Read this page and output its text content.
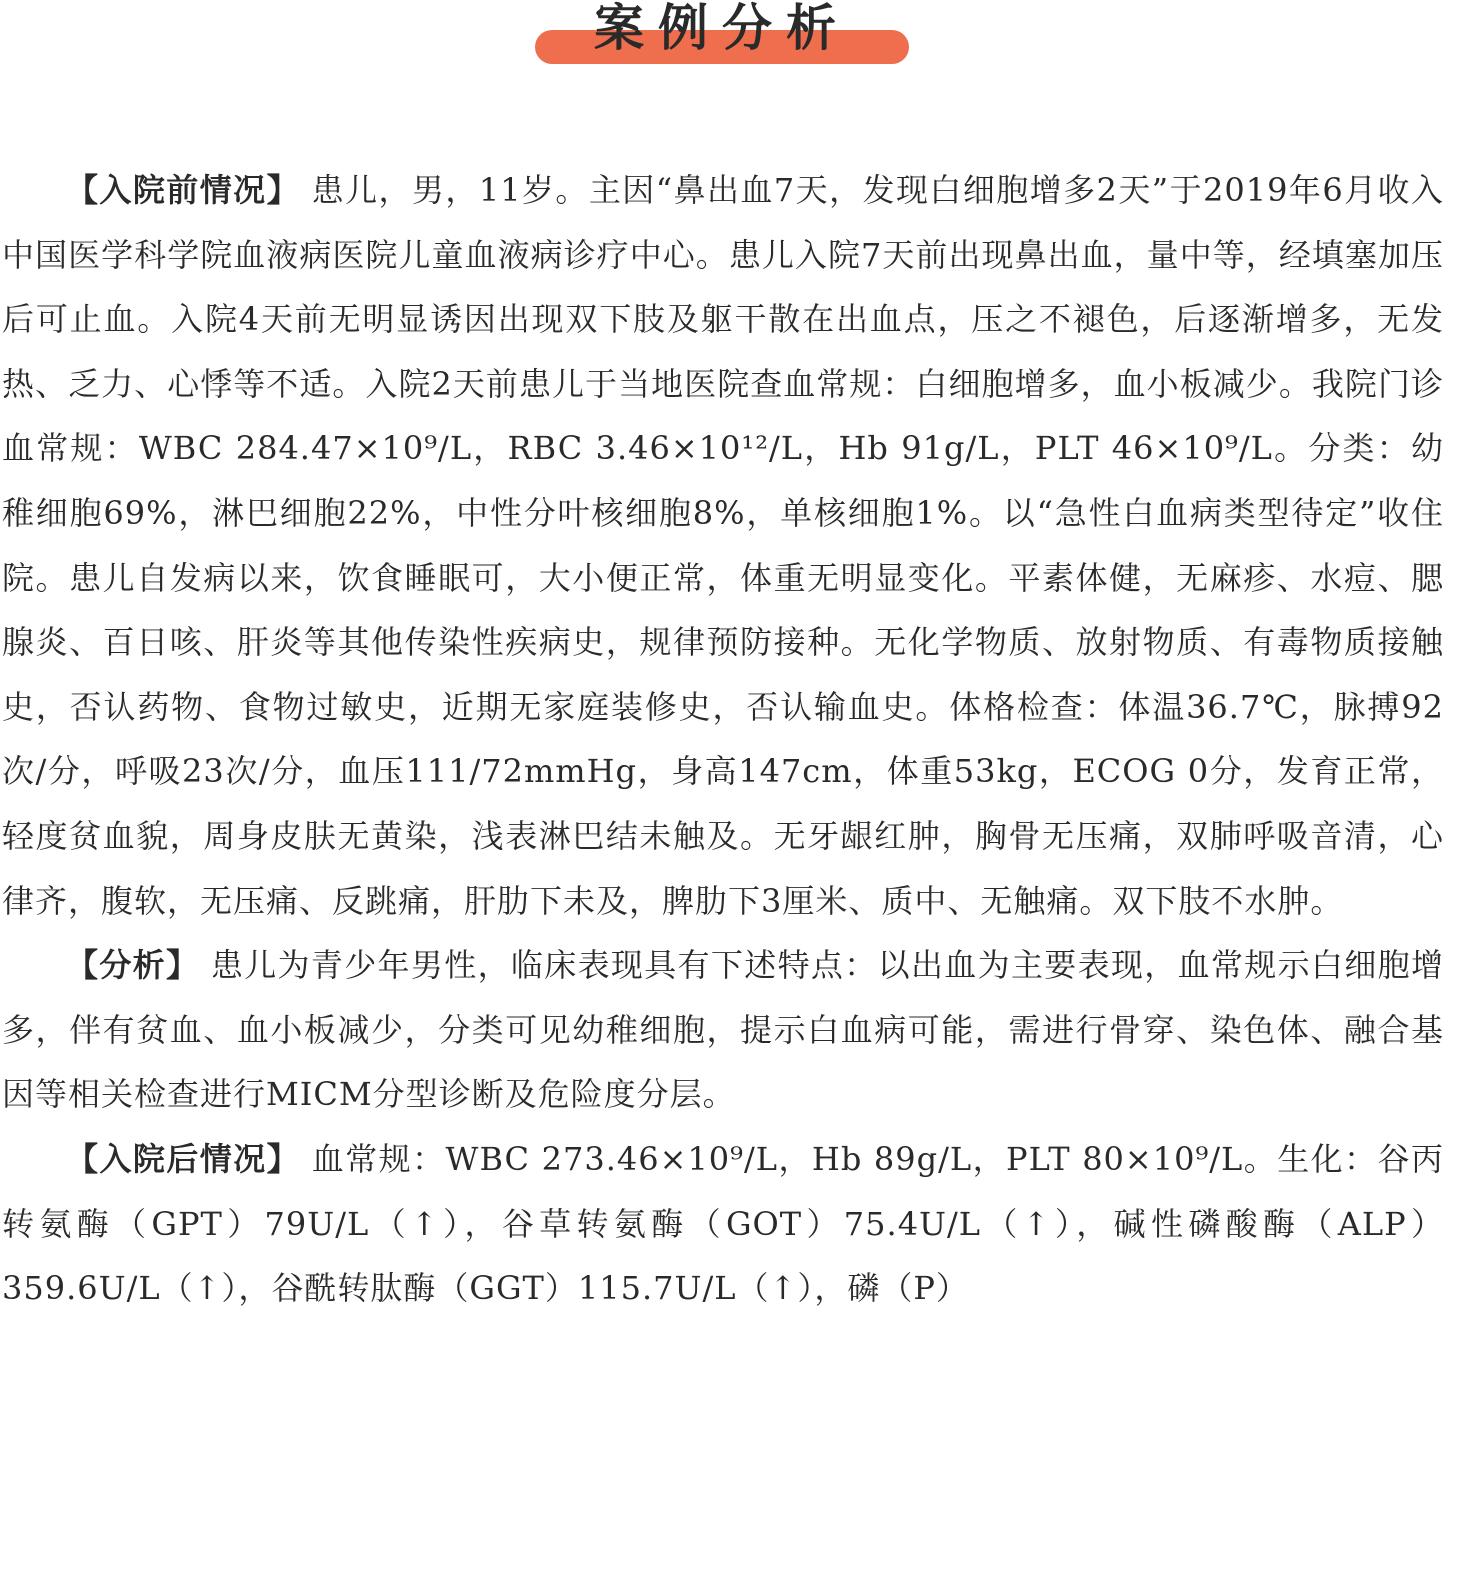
案例分析

【入院前情况】 患儿，男，11岁。主因“鼻出血7天，发现白细胞增多2天”于2019年6月收入中国医学科学院血液病医院儿童血液病诊疗中心。患儿入院7天前出现鼻出血，量中等，经填塞加压后可止血。入院4天前无明显诱因出现双下肢及躯干散在出血点，压之不褪色，后逐渐增多，无发热、乏力、心悸等不适。入院2天前患儿于当地医院查血常规：白细胞增多，血小板减少。我院门诊血常规：WBC 284.47×10⁹/L，RBC 3.46×10¹²/L，Hb 91g/L，PLT 46×10⁹/L。分类：幼稚细胞69%，淋巴细胞22%，中性分叶核细胞8%，单核细胞1%。以“急性白血病类型待定”收住院。患儿自发病以来，饮食睡眠可，大小便正常，体重无明显变化。平素体健，无麻疹、水痘、腮腺炎、百日咳、肝炎等其他传染性疾病史，规律预防接种。无化学物质、放射物质、有毒物质接触史，否认药物、食物过敏史，近期无家庭装修史，否认输血史。体格检查：体温36.7℃，脉搏92次/分，呼吸23次/分，血压111/72mmHg，身高147cm，体重53kg，ECOG 0分，发育正常，轻度贫血貌，周身皮肤无黄染，浅表淋巴结未触及。无牙龈红肿，胸骨无压痛，双肺呼吸音清，心律齐，腹软，无压痛、反跳痛，肝肋下未及，脾肋下3厘米、质中、无触痛。双下肢不水肿。

【分析】 患儿为青少年男性，临床表现具有下述特点：以出血为主要表现，血常规示白细胞增多，伴有贫血、血小板减少，分类可见幼稚细胞，提示白血病可能，需进行骨穿、染色体、融合基因等相关检查进行MICM分型诊断及危险度分层。

【入院后情况】 血常规：WBC 273.46×10⁹/L，Hb 89g/L，PLT 80×10⁹/L。生化：谷丙转氨酶（GPT）79U/L（↑），谷草转氨酶（GOT）75.4U/L（↑），碱性磷酸酶（ALP）359.6U/L（↑），谷酰转肽酶（GGT）115.7U/L（↑），磷（P）
